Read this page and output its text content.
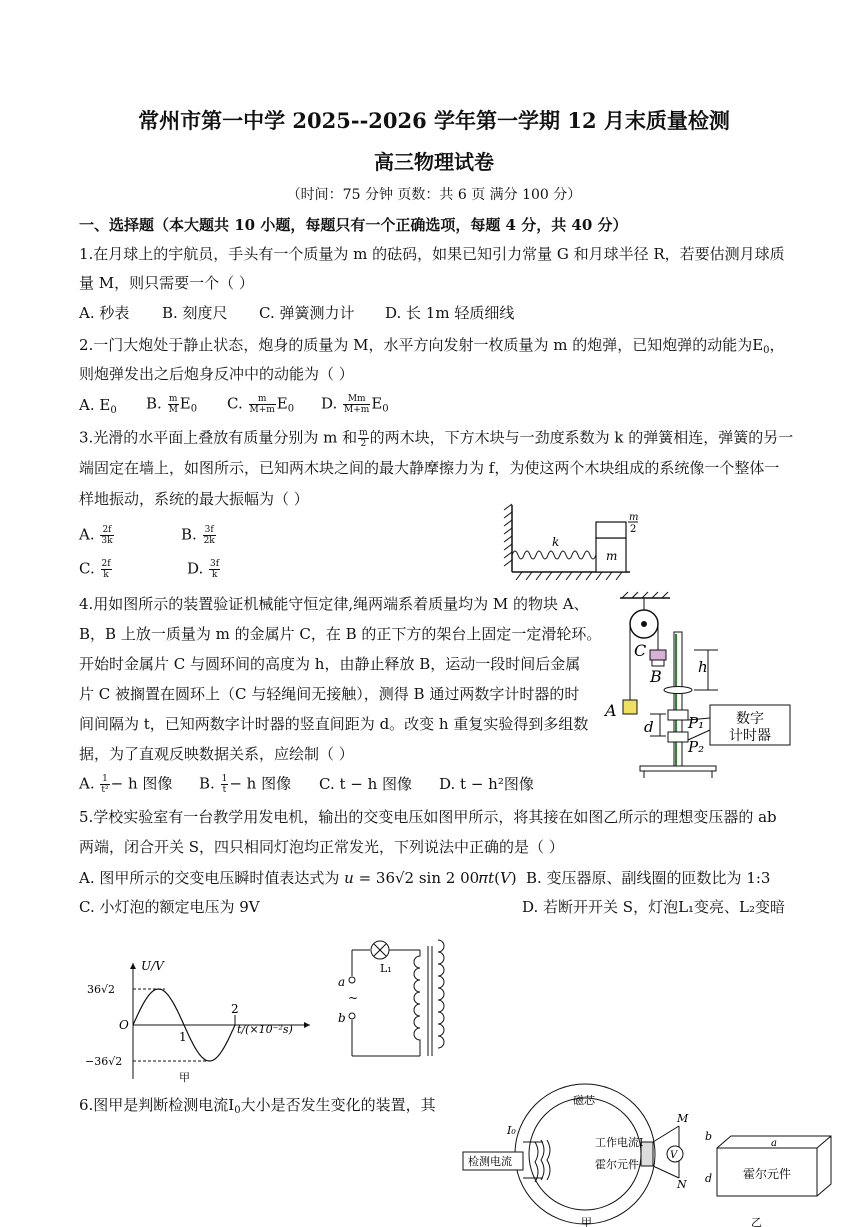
常州市第一中学 2025--2026 学年第一学期 12 月末质量检测
高三物理试卷
（时间：75 分钟 页数：共 6 页 满分 100 分）
一、选择题（本大题共 10 小题，每题只有一个正确选项，每题 4 分，共 40 分）
1.在月球上的宇航员，手头有一个质量为 m 的砝码，如果已知引力常量 G 和月球半径 R，若要估测月球质
量 M，则只需要一个（ ）
A. 秒表 B. 刻度尺 C. 弹簧测力计 D. 长 1m 轻质细线
2.一门大炮处于静止状态，炮身的质量为 M，水平方向发射一枚质量为 m 的炮弹，已知炮弹的动能为$E_0$，
则炮弹发出之后炮身反冲中的动能为（ ）
A. $E_0$ B. $\frac{m}{M} E_0$ C. $\frac{m}{M+m} E_0$ D. $\frac{Mm}{M+m} E_0$
3.光滑的水平面上叠放有质量分别为 m 和 $\frac{m}{2}$ 的两木块，下方木块与一劲度系数为 k 的弹簧相连，弹簧的另一
端固定在墙上，如图所示，已知两木块之间的最大静摩擦力为 f，为使这两个木块组成的系统像一个整体一
样地振动，系统的最大振幅为（ ）
A. $\frac{2f}{3k}$	B. $\frac{3f}{2k}$
C. $\frac{2f}{k}$	D. $\frac{3f}{k}$
k
m
m
2
4.用如图所示的装置验证机械能守恒定律,绳两端系着质量均为 M 的物块 A、
B，B 上放一质量为 m 的金属片 C，在 B 的正下方的架台上固定一定滑轮环。
开始时金属片 C 与圆环间的高度为 h，由静止释放 B，运动一段时间后金属
片 C 被搁置在圆环上（C 与轻绳间无接触），测得 B 通过两数字计时器的时
间间隔为 t，已知两数字计时器的竖直间距为 d。改变 h 重复实验得到多组数
据，为了直观反映数据关系，应绘制（ ）
A. $\frac{1}{\text{t²}} - h$ 图像 B. $\frac{1}{t} - h$ 图像 C. t − h 图像 D. t − h²图像
A
C
B
P₁
P₂
h
d	数字
计时器
5.学校实验室有一台教学用发电机，输出的交变电压如图甲所示，将其接在如图乙所示的理想变压器的 ab
两端，闭合开关 S，四只相同灯泡均正常发光，下列说法中正确的是（ ）
A. 图甲所示的交变电压瞬时值表达式为 𝑢 = 36√2 sin 2 00𝜋𝑡(𝑉) B. 变压器原、副线圈的匝数比为 1:3
C. 小灯泡的额定电压为 9V	D. 若断开开关 S，灯泡L₁变亮、L₂变暗
U/V
36√2
−36√2
O
1
2
t/(×10⁻²s)
甲
L₁
a
b
~
6.图甲是判断检测电流$I_0$大小是否发生变化的装置，其	磁芯
检测电流
I₀
工作电流I
霍尔元件
V
M
N
b
d
a
霍尔元件
甲	乙
